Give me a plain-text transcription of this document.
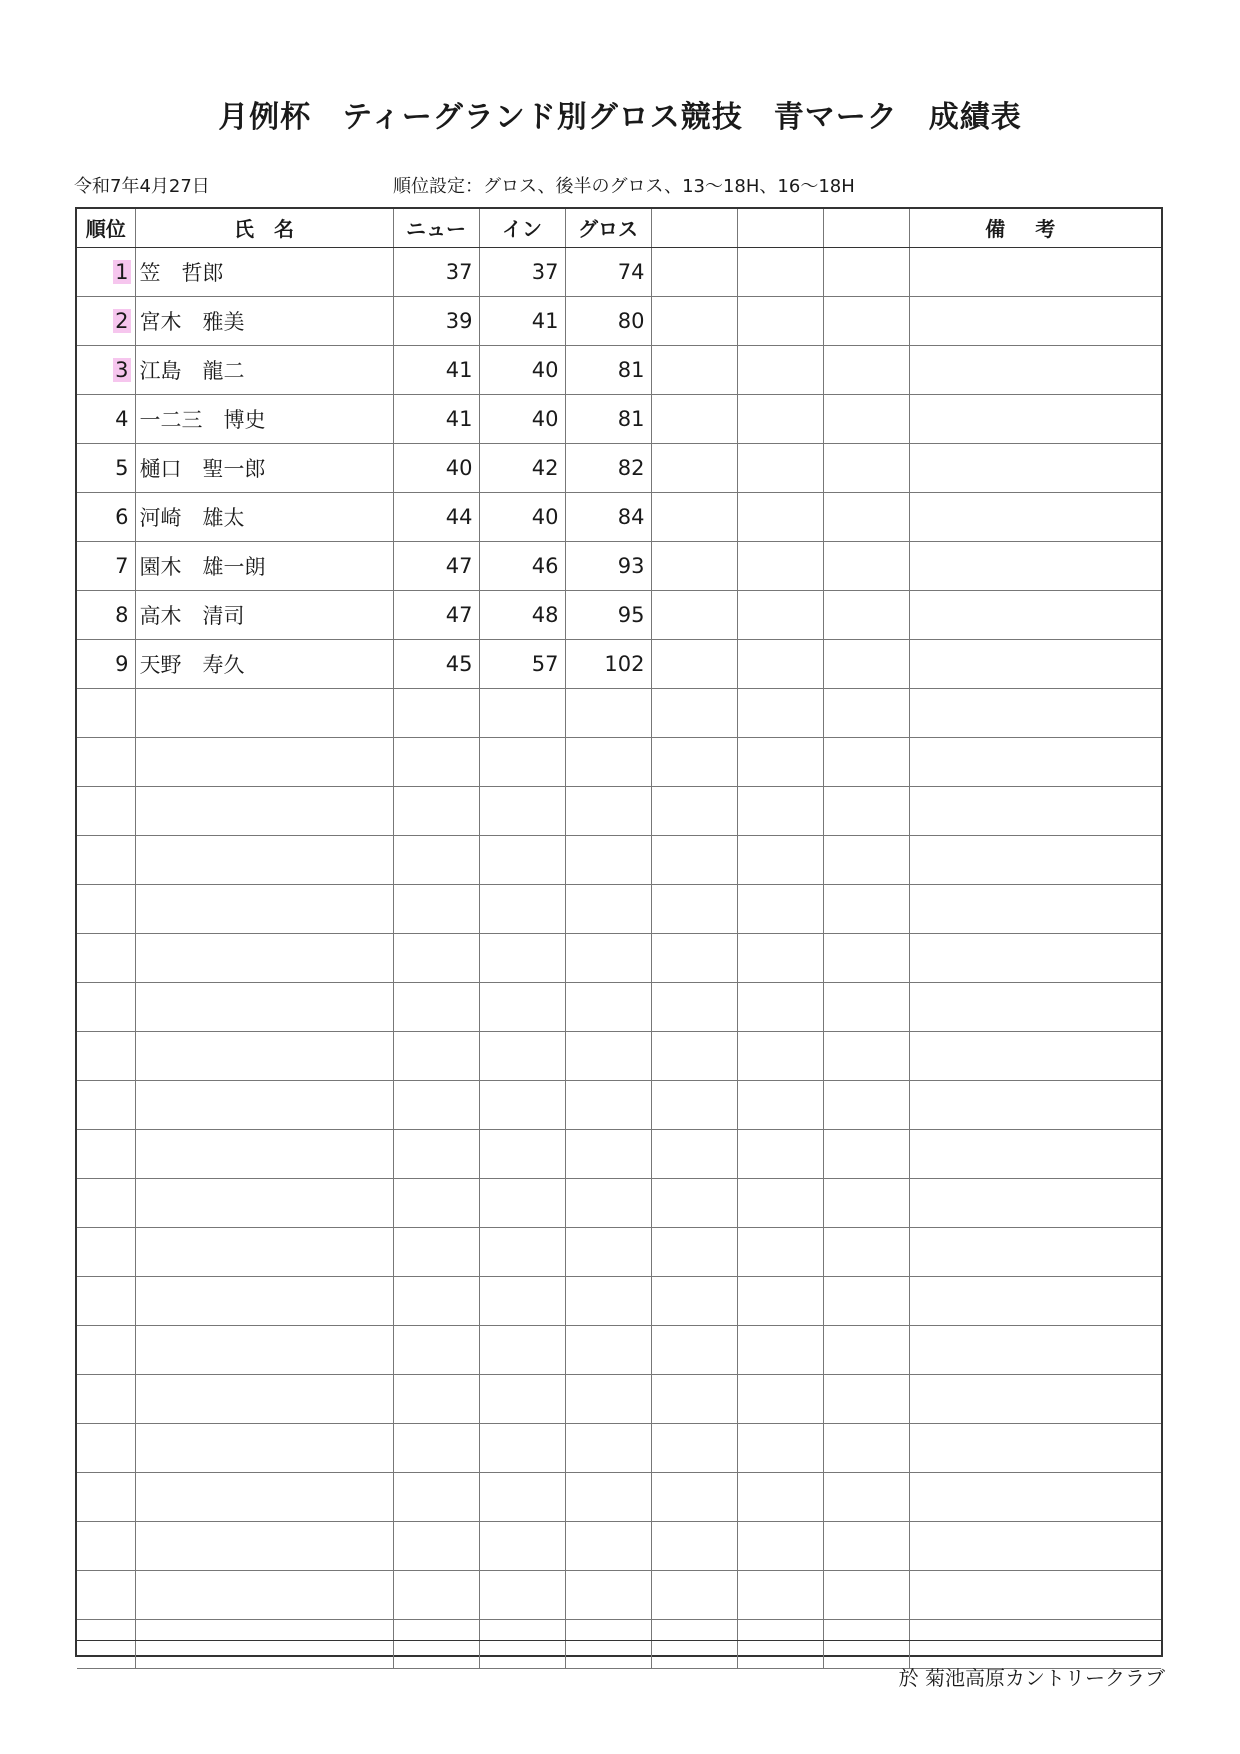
月例杯　ティーグランド別グロス競技　青マーク　成績表
令和7年4月27日	順位設定：グロス、後半のグロス、13～18H、16～18H
順位	氏　名	ニュー	イン	グロス				備考
1	笠　哲郎	37	37	74				
2	宮木　雅美	39	41	80				
3	江島　龍二	41	40	81				
4	一二三　博史	41	40	81				
5	樋口　聖一郎	40	42	82				
6	河崎　雄太	44	40	84				
7	園木　雄一朗	47	46	93				
8	高木　清司	47	48	95				
9	天野　寿久	45	57	102				

於 菊池高原カントリークラブ
